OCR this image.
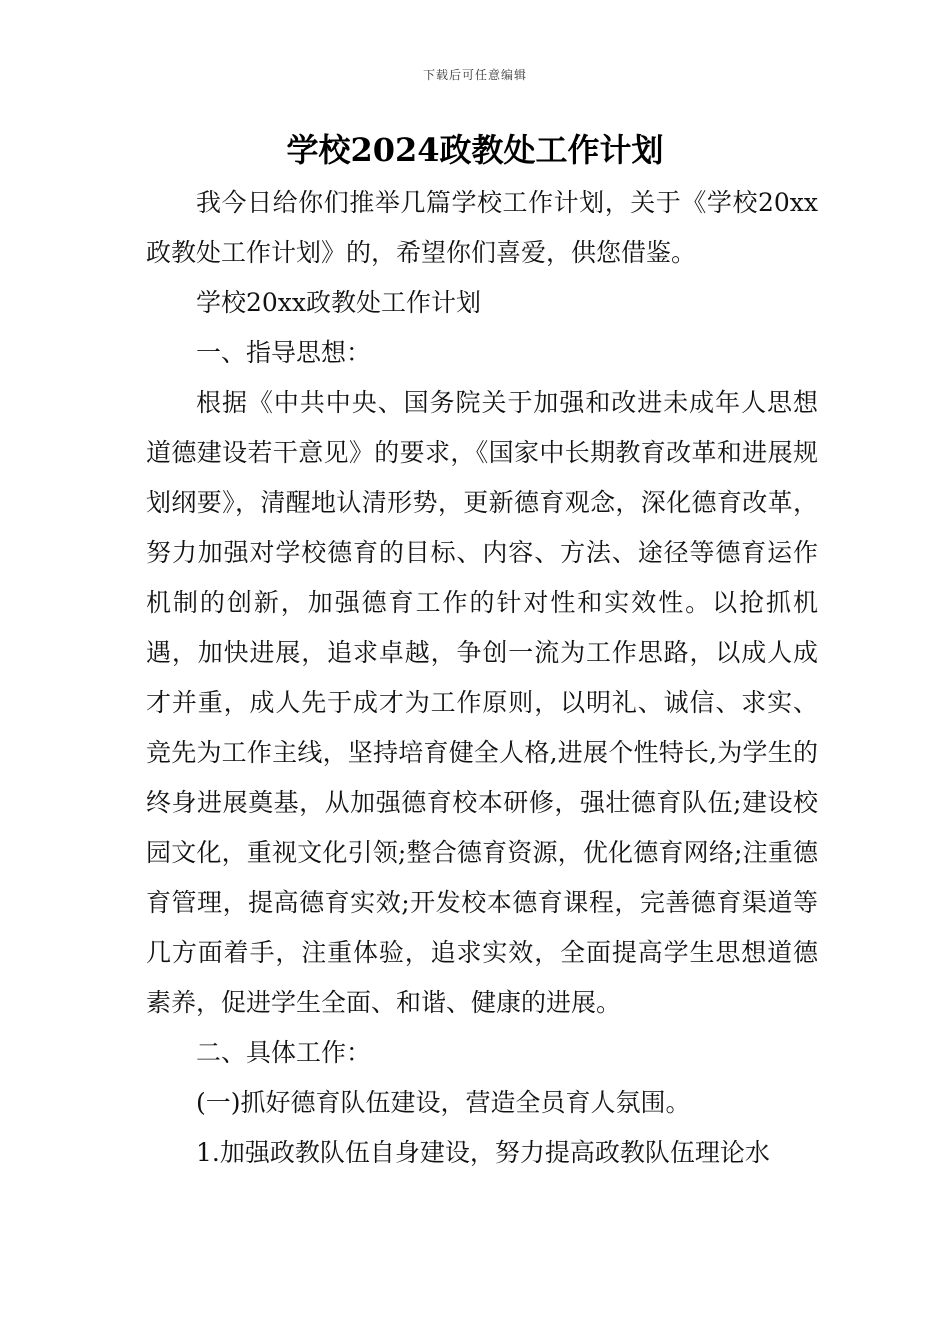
下载后可任意编辑
学校2024政教处工作计划

我今日给你们推举几篇学校工作计划，关于《学校20xx政教处工作计划》的，希望你们喜爱，供您借鉴。

学校20xx政教处工作计划

一、指导思想：

根据《中共中央、国务院关于加强和改进未成年人思想道德建设若干意见》的要求，《国家中长期教育改革和进展规划纲要》，清醒地认清形势，更新德育观念，深化德育改革，努力加强对学校德育的目标、内容、方法、途径等德育运作机制的创新，加强德育工作的针对性和实效性。以抢抓机遇，加快进展，追求卓越，争创一流为工作思路，以成人成才并重，成人先于成才为工作原则，以明礼、诚信、求实、竞先为工作主线，坚持培育健全人格,进展个性特长,为学生的终身进展奠基，从加强德育校本研修，强壮德育队伍;建设校园文化，重视文化引领;整合德育资源，优化德育网络;注重德育管理，提高德育实效;开发校本德育课程，完善德育渠道等几方面着手，注重体验，追求实效，全面提高学生思想道德素养，促进学生全面、和谐、健康的进展。

二、具体工作：

(一)抓好德育队伍建设，营造全员育人氛围。

1.加强政教队伍自身建设，努力提高政教队伍理论水
